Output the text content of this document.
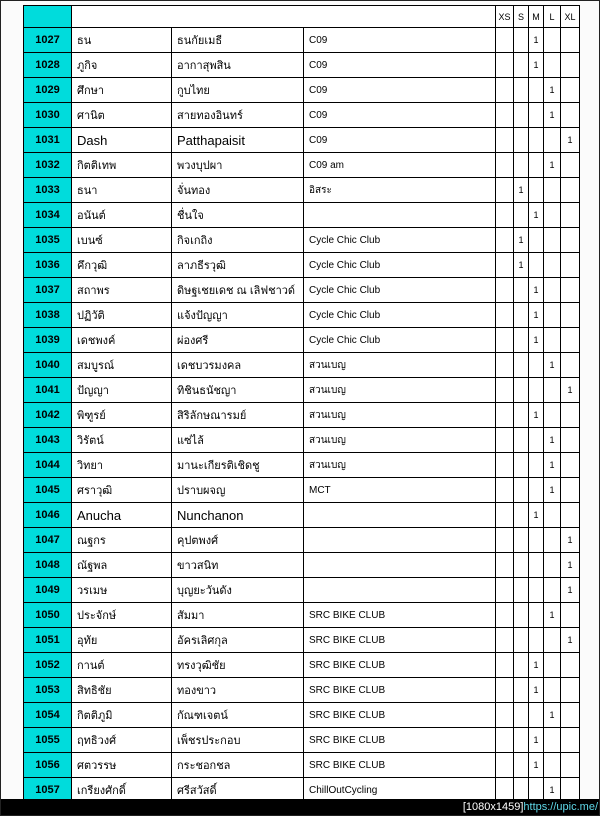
				XS	S	M	L	XL
1027	ธน	ธนกัยเมธี	C09			1		
1028	ภูกิจ	อากาสุพสิน	C09			1		
1029	ศึกษา	กูบไทย	C09				1	
1030	ศานิต	สายทองอินทร์	C09				1	
1031	Dash	Patthapaisit	C09					1
1032	กิตติเทพ	พวงบุปผา	C09 am				1	
1033	ธนา	จั่นทอง	อิสระ		1			
1034	อนันต์	ชื่นใจ				1		
1035	เบนซ์	กิจเกถิง	Cycle Chic Club		1			
1036	คึกวุฒิ	ลาภธีรวุฒิ	Cycle Chic Club		1			
1037	สถาพร	ดิษฐเชยเดช ณ เลิฟชาวด์	Cycle Chic Club			1		
1038	ปฏิวัติ	แจ้งปัญญา	Cycle Chic Club			1		
1039	เดชพงค์	ผ่องศรี	Cycle Chic Club			1		
1040	สมบูรณ์	เดชบวรมงคล	สวนเบญ				1	
1041	ปัญญา	ทิชินธนัชญา	สวนเบญ					1
1042	พิฑูรย์	สิริลักษณารมย์	สวนเบญ			1		
1043	วิรัตน์	แซ่ไล้	สวนเบญ				1	
1044	วิทยา	มานะเกียรติเชิดชู	สวนเบญ				1	
1045	ศราวุฒิ	ปราบผจญ	MCT				1	
1046	Anucha	Nunchanon				1		
1047	ณฐกร	คุปตพงศ์						1
1048	ณัฐพล	ขาวสนิท						1
1049	วรเมษ	บุญยะวันดัง						1
1050	ประจักษ์	สัมมา	SRC BIKE CLUB				1	
1051	อุทัย	อัครเลิศกุล	SRC BIKE CLUB					1
1052	กานต์	ทรงวุฒิชัย	SRC BIKE CLUB			1		
1053	สิทธิชัย	ทองขาว	SRC BIKE CLUB			1		
1054	กิตติภูมิ	กัณฑเจตน์	SRC BIKE CLUB				1	
1055	ฤทธิวงศ์	เพ็ชรประกอบ	SRC BIKE CLUB			1		
1056	ศตวรรษ	กระชอกชล	SRC BIKE CLUB			1		
1057	เกรียงศักดิ์	ศรีสวัสดิ์	ChillOutCycling				1	
[1080x1459]https://upic.me/
